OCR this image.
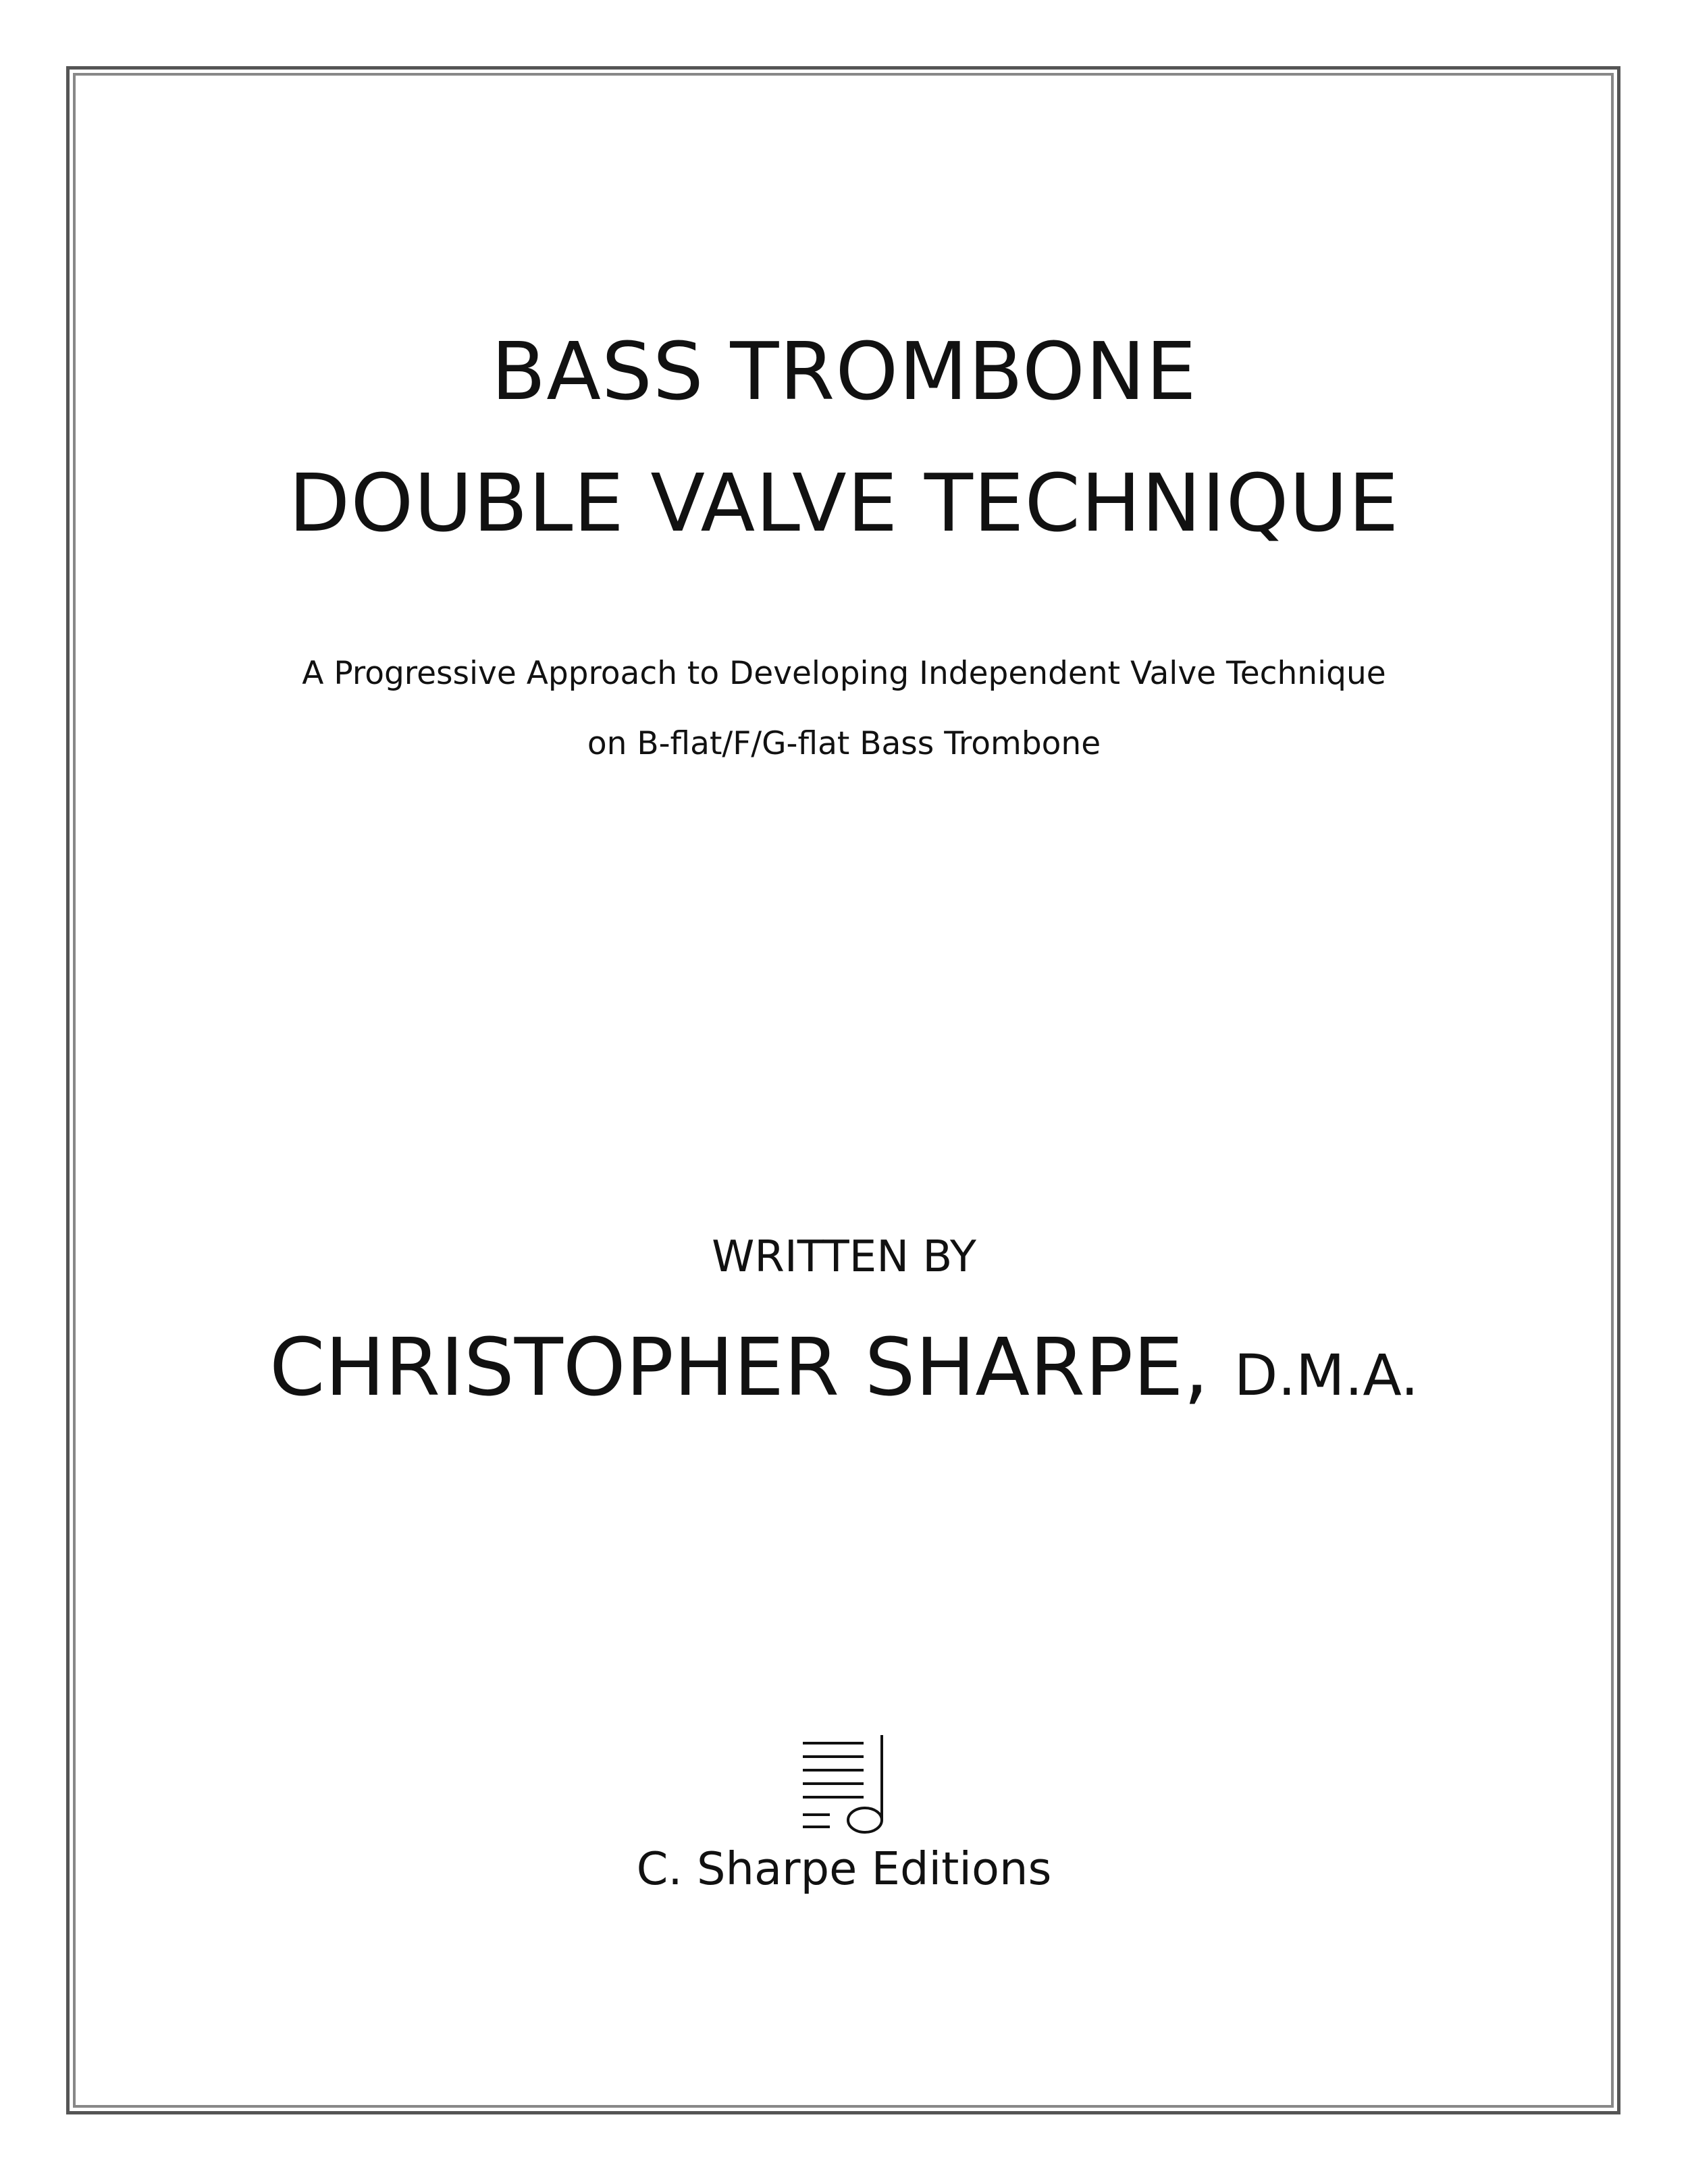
BASS TROMBONE
DOUBLE VALVE TECHNIQUE

A Progressive Approach to Developing Independent Valve Technique

on B-flat/F/G-flat Bass Trombone

WRITTEN BY

CHRISTOPHER SHARPE, D.M.A.

C. Sharpe Editions
